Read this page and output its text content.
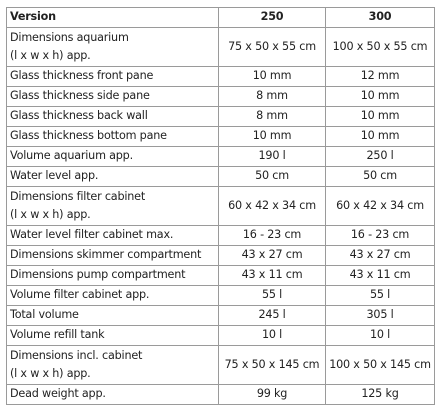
Version	250	300
Dimensions aquarium
(l x w x h) app.	75 x 50 x 55 cm	100 x 50 x 55 cm
Glass thickness front pane	10 mm	12 mm
Glass thickness side pane	8 mm	10 mm
Glass thickness back wall	8 mm	10 mm
Glass thickness bottom pane	10 mm	10 mm
Volume aquarium app.	190 l	250 l
Water level app.	50 cm	50 cm
Dimensions filter cabinet
(l x w x h) app.	60 x 42 x 34 cm	60 x 42 x 34 cm
Water level filter cabinet max.	16 - 23 cm	16 - 23 cm
Dimensions skimmer compartment	43 x 27 cm	43 x 27 cm
Dimensions pump compartment	43 x 11 cm	43 x 11 cm
Volume filter cabinet app.	55 l	55 l
Total volume	245 l	305 l
Volume refill tank	10 l	10 l
Dimensions incl. cabinet
(l x w x h) app.	75 x 50 x 145 cm	100 x 50 x 145 cm
Dead weight app.	99 kg	125 kg
